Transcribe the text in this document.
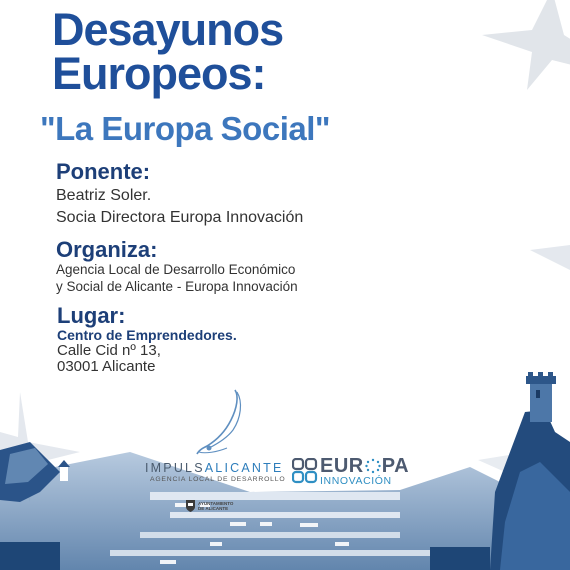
Desayunos
Europeos:
"La Europa Social"
Ponente:

Beatriz Soler.

Socia Directora Europa Innovación

Organiza:

Agencia Local de Desarrollo Económico

y Social de Alicante - Europa Innovación

Lugar:

Centro de Emprendedores.

Calle Cid nº 13,

03001 Alicante

IMPULSALICANTE
AGENCIA LOCAL DE DESARROLLO
EUR PA
INNOVACIÓN
AYUNTAMIENTO
DE ALICANTE
